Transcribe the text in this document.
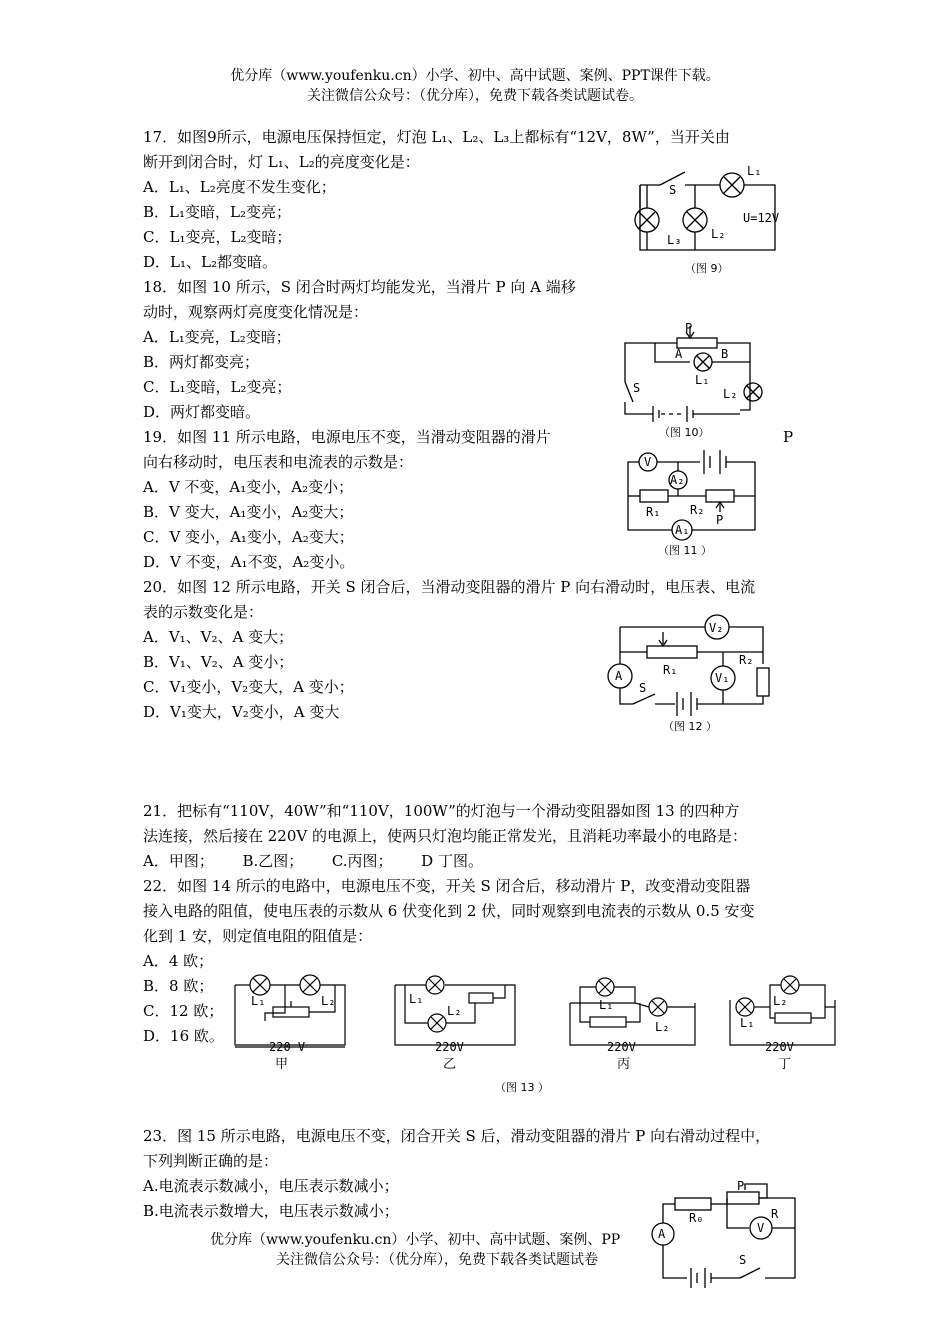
优分库（www.youfenku.cn）小学、初中、高中试题、案例、PPT课件下载。
关注微信公众号：（优分库），免费下载各类试题试卷。
17．如图9所示，电源电压保持恒定，灯泡 L₁、L₂、L₃上都标有“12V，8W”，当开关由
断开到闭合时，灯 L₁、L₂的亮度变化是：
A．L₁、L₂亮度不发生变化；
B．L₁变暗，L₂变亮；
C．L₁变亮，L₂变暗；
D．L₁、L₂都变暗。
18．如图 10 所示，S 闭合时两灯均能发光，当滑片 P 向 A 端移
动时，观察两灯亮度变化情况是：
A．L₁变亮，L₂变暗；
B．两灯都变亮；
C．L₁变暗，L₂变亮；
D．两灯都变暗。
19．如图 11 所示电路，电源电压不变，当滑动变阻器的滑片	P
向右移动时，电压表和电流表的示数是：
A．V 不变，A₁变小，A₂变小；
B．V 变大，A₁变小，A₂变大；
C．V 变小，A₁变小，A₂变大；
D．V 不变，A₁不变，A₂变小。
20．如图 12 所示电路，开关 S 闭合后，当滑动变阻器的滑片 P 向右滑动时，电压表、电流
表的示数变化是：
A．V₁、V₂、A 变大；
B．V₁、V₂、A 变小；
C．V₁变小，V₂变大，A 变小；
D．V₁变大，V₂变小，A 变大
21．把标有“110V，40W”和“110V，100W”的灯泡与一个滑动变阻器如图 13 的四种方
法连接，然后接在 220V 的电源上，使两只灯泡均能正常发光，且消耗功率最小的电路是：
A．甲图；      B.乙图；      C.丙图；      D 丁图。
22．如图 14 所示的电路中，电源电压不变，开关 S 闭合后，移动滑片 P，改变滑动变阻器
接入电路的阻值，使电压表的示数从 6 伏变化到 2 伏，同时观察到电流表的示数从 0.5 安变
化到 1 安，则定值电阻的阻值是：
A．4 欧；
B．8 欧；
C．12 欧；
D．16 欧。
23．图 15 所示电路，电源电压不变，闭合开关 S 后，滑动变阻器的滑片 P 向右滑动过程中，
下列判断正确的是：
A.电流表示数减小，电压表示数减小；
B.电流表示数增大，电压表示数减小；
优分库（www.youfenku.cn）小学、初中、高中试题、案例、PP
关注微信公众号：（优分库），免费下载各类试题试卷
S
L₁
L₂
L₃
U=12V
（图 9）
P
A	B
S
L₁
L₂
（图 10）
V
A₂
R₁ R₂
P
A₁
（图 11 ）
V₂
A	R₁
R₂
V₁
S
（图 12 ）
L₁	L₂
220 V
甲
L₁
L₂
220V
乙
L₁
L₂
220V
丙
L₁
L₂
220V
丁
（图 13 ）
R₀
P
R
A	V
S
